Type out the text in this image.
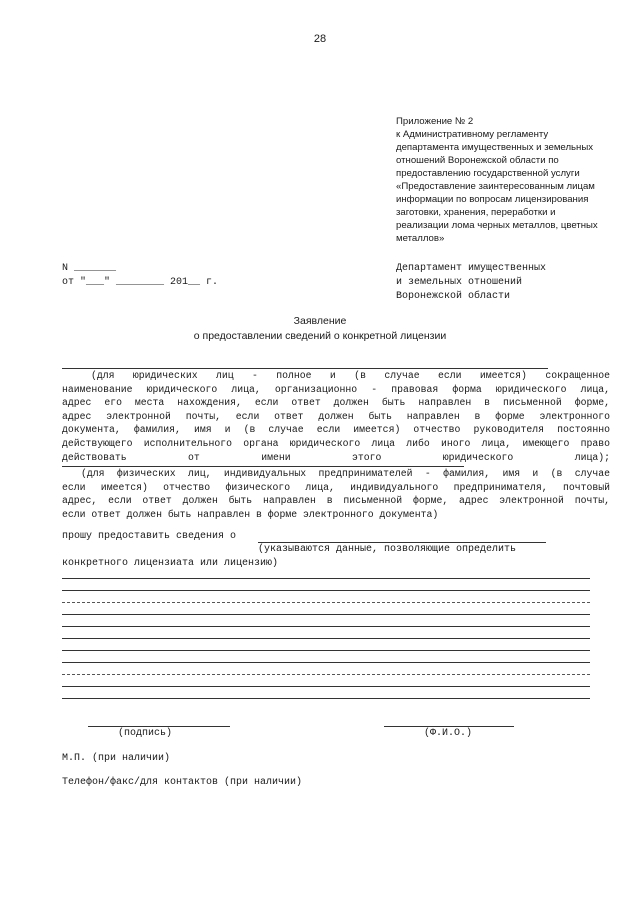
28
Приложение № 2
к Административному регламенту
департамента имущественных и земельных
отношений Воронежской области по
предоставлению государственной услуги
«Предоставление заинтересованным лицам
информации по вопросам лицензирования
заготовки, хранения, переработки и
реализации лома черных металлов, цветных
металлов»
N _______
от "___" ________ 201__ г.
Департамент имущественных
и земельных отношений
Воронежской области
Заявление
о предоставлении сведений о конкретной лицензии
(для юридических лиц - полное и (в случае если имеется) сокращенное
наименование юридического лица, организационно - правовая форма юридического лица,
адрес его места нахождения, если ответ должен быть направлен в письменной форме,
адрес электронной почты, если ответ должен быть направлен в форме электронного
документа, фамилия, имя и (в случае если имеется) отчество руководителя постоянно
действующего исполнительного органа юридического лица либо иного лица, имеющего право
действовать	от	имени	этого	юридического	лица);
(для физических лиц, индивидуальных предпринимателей - фамилия, имя и (в случае
если имеется) отчество физического лица, индивидуального предпринимателя, почтовый
адрес, если ответ должен быть направлен в письменной форме, адрес электронной почты,
если ответ должен быть направлен в форме электронного документа)
прошу предоставить сведения о
(указываются данные, позволяющие определить
конкретного лицензиата или лицензию)
(подпись)	(Ф.И.О.)
М.П. (при наличии)
Телефон/факс/для контактов (при наличии)
